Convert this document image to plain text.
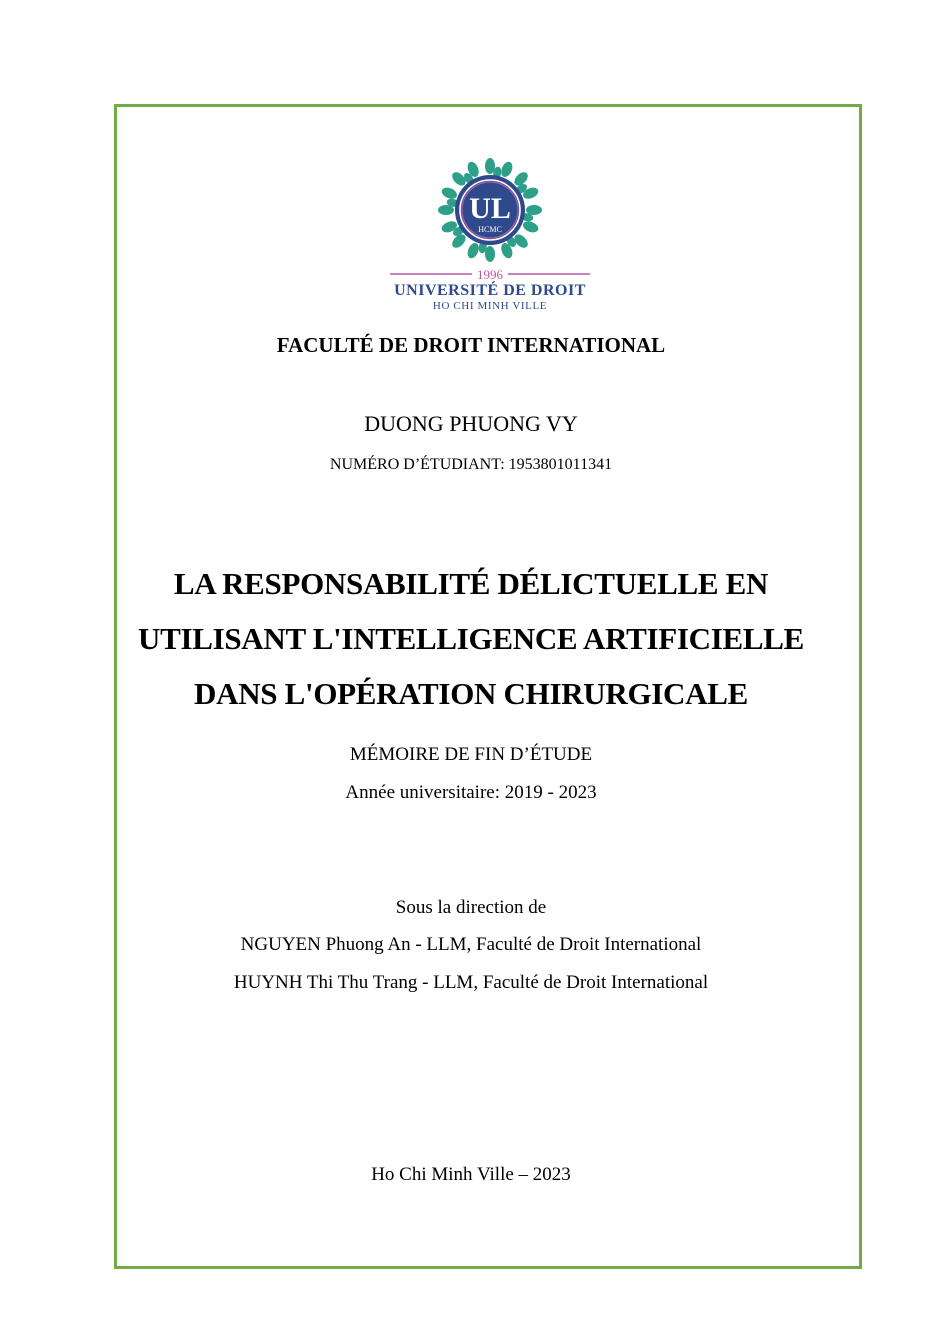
UL
HCMC
1996
UNIVERSITÉ DE DROIT
HO CHI MINH VILLE
FACULTÉ DE DROIT INTERNATIONAL
DUONG PHUONG VY
NUMÉRO D’ÉTUDIANT: 1953801011341
LA RESPONSABILITÉ DÉLICTUELLE EN
UTILISANT L'INTELLIGENCE ARTIFICIELLE
DANS L'OPÉRATION CHIRURGICALE
MÉMOIRE DE FIN D’ÉTUDE
Année universitaire: 2019 - 2023
Sous la direction de
NGUYEN Phuong An - LLM, Faculté de Droit International
HUYNH Thi Thu Trang - LLM, Faculté de Droit International
Ho Chi Minh Ville – 2023
